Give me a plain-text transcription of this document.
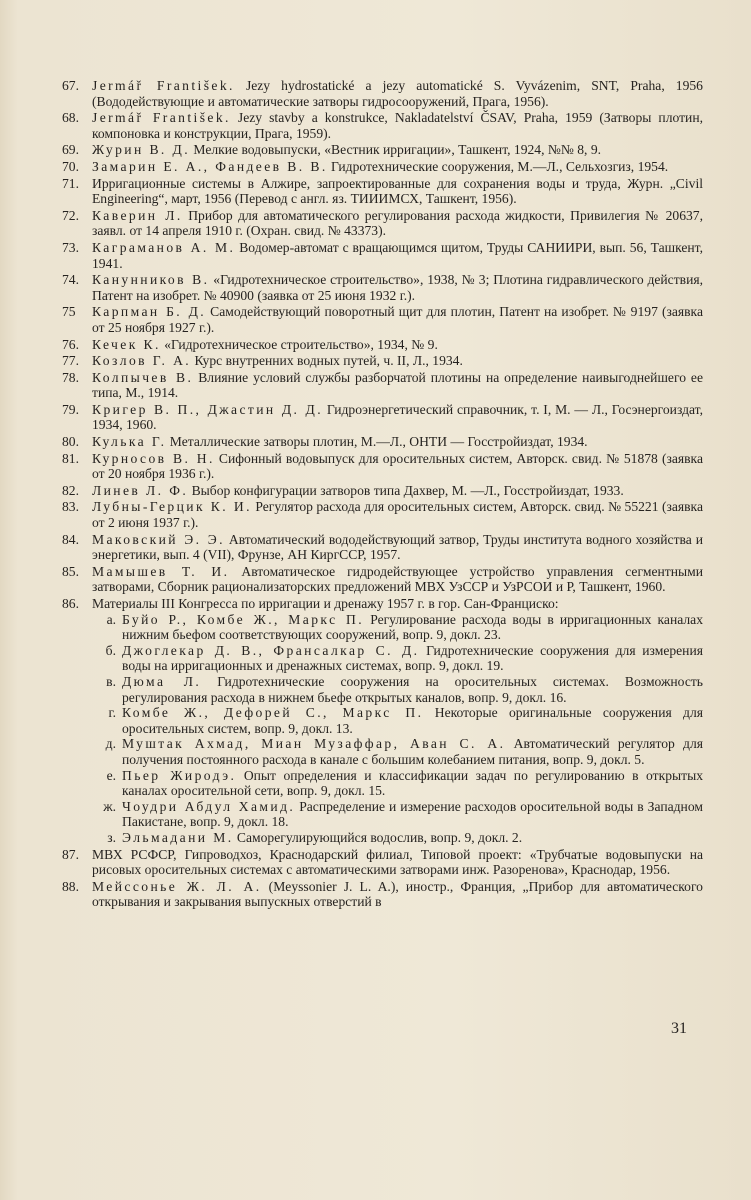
67. Jermář František. Jezy hydrostatické a jezy automatické S. Vyvázenim, SNT, Praha, 1956 (Вододействующие и автоматические затворы гидросооружений, Прага, 1956).
68. Jermář František. Jezy stavby a konstrukce, Nakladatelství ČSAV, Praha, 1959 (Затворы плотин, компоновка и конструкции, Прага, 1959).
69. Журин В. Д. Мелкие водовыпуски, «Вестник ирригации», Ташкент, 1924, №№ 8, 9.
70. Замарин Е. А., Фандеев В. В. Гидротехнические сооружения, М.—Л., Сельхозгиз, 1954.
71. Ирригационные системы в Алжире, запроектированные для сохранения воды и труда, Журн. „Civil Engineering“, март, 1956 (Перевод с англ. яз. ТИИИМСХ, Ташкент, 1956).
72. Каверин Л. Прибор для автоматического регулирования расхода жидкости, Привилегия № 20637, заявл. от 14 апреля 1910 г. (Охран. свид. № 43373).
73. Каграманов А. М. Водомер-автомат с вращающимся щитом, Труды САНИИРИ, вып. 56, Ташкент, 1941.
74. Канунников В. «Гидротехническое строительство», 1938, № 3; Плотина гидравлического действия, Патент на изобрет. № 40900 (заявка от 25 июня 1932 г.).
75	Карпман Б. Д. Самодействующий поворотный щит для плотин, Патент на изобрет. № 9197 (заявка от 25 ноября 1927 г.).
76. Кечек К. «Гидротехническое строительство», 1934, № 9.
77. Козлов Г. А. Курс внутренних водных путей, ч. II, Л., 1934.
78. Колпычев В. Влияние условий службы разборчатой плотины на определение наивыгоднейшего ее типа, М., 1914.
79. Кригер В. П., Джастин Д. Д. Гидроэнергетический справочник, т. I, М. — Л., Госэнергоиздат, 1934, 1960.
80. Кулька Г. Металлические затворы плотин, М.—Л., ОНТИ — Госстройиздат, 1934.
81. Курносов В. Н. Сифонный водовыпуск для оросительных систем, Авторск. свид. № 51878 (заявка от 20 ноября 1936 г.).
82. Линев Л. Ф. Выбор конфигурации затворов типа Дахвер, М. —Л., Госстройиздат, 1933.
83. Лубны-Герцик К. И. Регулятор расхода для оросительных систем, Авторск. свид. № 55221 (заявка от 2 июня 1937 г.).
84. Маковский Э. Э. Автоматический вододействующий затвор, Труды института водного хозяйства и энергетики, вып. 4 (VII), Фрунзе, АН КиргССР, 1957.
85. Мамышев Т. И. Автоматическое гидродействующее устройство управления сегментными затворами, Сборник рационализаторских предложений МВХ УзССР и УзРСОИ и Р, Ташкент, 1960.
86. Материалы III Конгресса по ирригации и дренажу 1957 г. в гор. Сан-Франциско:
а. Буйо Р., Комбе Ж., Маркс П. Регулирование расхода воды в ирригационных каналах нижним бьефом соответствующих сооружений, вопр. 9, докл. 23.
б. Джоглекар Д. В., Франсалкар С. Д. Гидротехнические сооружения для измерения воды на ирригационных и дренажных системах, вопр. 9, докл. 19.
в. Дюма Л. Гидротехнические сооружения на оросительных системах. Возможность регулирования расхода в нижнем бьефе открытых каналов, вопр. 9, докл. 16.
г. Комбе Ж., Дефорей С., Маркс П. Некоторые оригинальные сооружения для оросительных систем, вопр. 9, докл. 13.
д. Муштак Ахмад, Миан Музаффар, Аван С. А. Автоматический регулятор для получения постоянного расхода в канале с большим колебанием питания, вопр. 9, докл. 5.
е. Пьер Жиродэ. Опыт определения и классификации задач по регулированию в открытых каналах оросительной сети, вопр. 9, докл. 15.
ж. Чоудри Абдул Хамид. Распределение и измерение расходов оросительной воды в Западном Пакистане, вопр. 9, докл. 18.
з. Эльмадани М. Саморегулирующийся водослив, вопр. 9, докл. 2.
87. МВХ РСФСР, Гипроводхоз, Краснодарский филиал, Типовой проект: «Трубчатые водовыпуски на рисовых оросительных системах с автоматическими затворами инж. Разоренова», Краснодар, 1956.
88. Мейссонье Ж. Л. А. (Meyssonier J. L. A.), иностр., Франция, „Прибор для автоматического открывания и закрывания выпускных отверстий в
31
